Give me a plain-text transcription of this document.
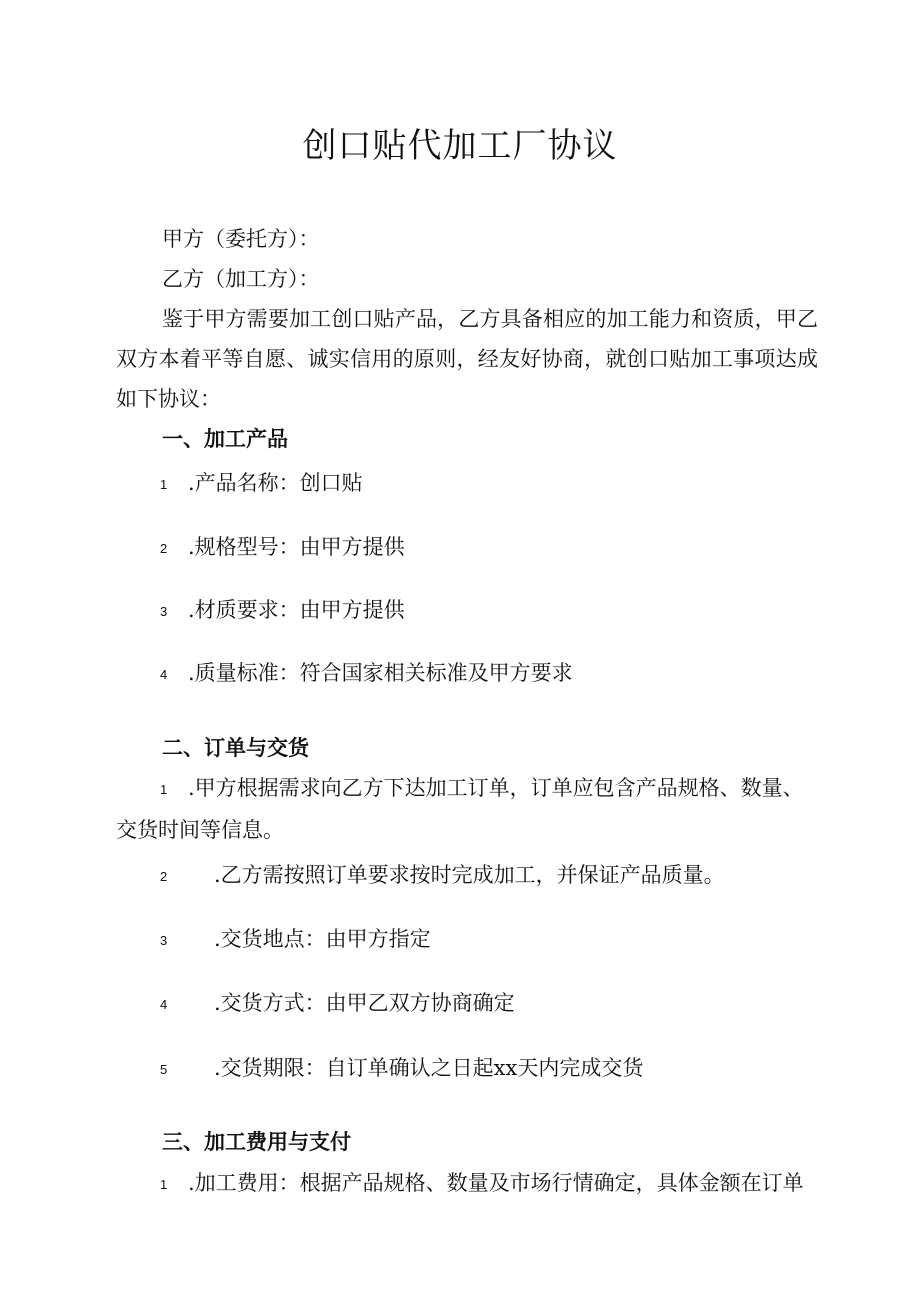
创口贴代加工厂协议
甲方（委托方）：
乙方（加工方）：
鉴于甲方需要加工创口贴产品，乙方具备相应的加工能力和资质，甲乙双方本着平等自愿、诚实信用的原则，经友好协商，就创口贴加工事项达成如下协议：
一、加工产品
1 .产品名称：创口贴
2 .规格型号：由甲方提供
3 .材质要求：由甲方提供
4 .质量标准：符合国家相关标准及甲方要求
二、订单与交货
1 .甲方根据需求向乙方下达加工订单，订单应包含产品规格、数量、
交货时间等信息。
2 .乙方需按照订单要求按时完成加工，并保证产品质量。
3 .交货地点：由甲方指定
4 .交货方式：由甲乙双方协商确定
5 .交货期限：自订单确认之日起xx天内完成交货
三、加工费用与支付
1 .加工费用：根据产品规格、数量及市场行情确定，具体金额在订单
